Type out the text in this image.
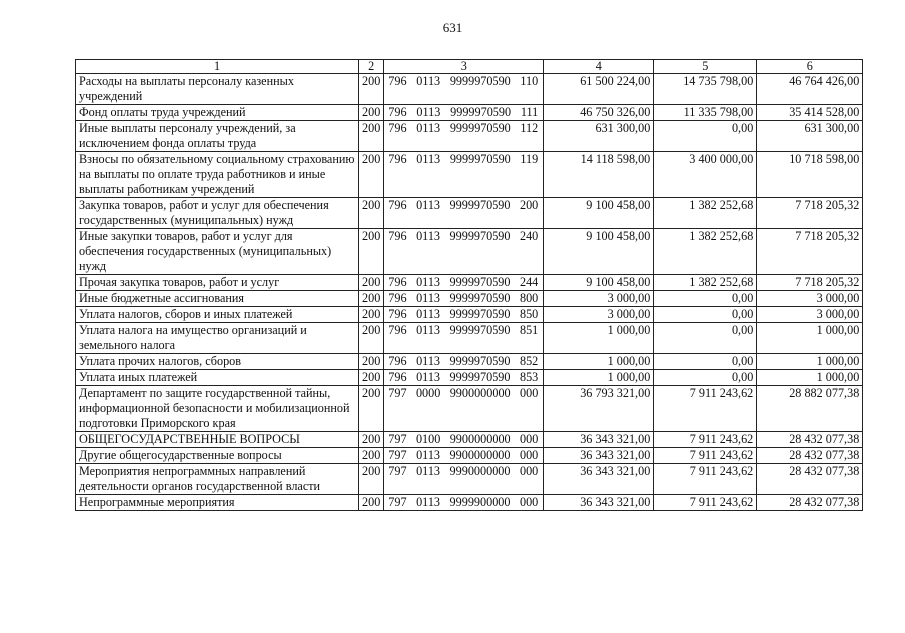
631
1	2	3	4	5	6
Расходы на выплаты персоналу казенных учреждений	200	796 0113 9999970590 110	61 500 224,00	14 735 798,00	46 764 426,00
Фонд оплаты труда учреждений	200	796 0113 9999970590 111	46 750 326,00	11 335 798,00	35 414 528,00
Иные выплаты персоналу учреждений, за исключением фонда оплаты труда	200	796 0113 9999970590 112	631 300,00	0,00	631 300,00
Взносы по обязательному социальному страхованию на выплаты по оплате труда работников и иные выплаты работникам учреждений	200	796 0113 9999970590 119	14 118 598,00	3 400 000,00	10 718 598,00
Закупка товаров, работ и услуг для обеспечения государственных (муниципальных) нужд	200	796 0113 9999970590 200	9 100 458,00	1 382 252,68	7 718 205,32
Иные закупки товаров, работ и услуг для обеспечения государственных (муниципальных) нужд	200	796 0113 9999970590 240	9 100 458,00	1 382 252,68	7 718 205,32
Прочая закупка товаров, работ и услуг	200	796 0113 9999970590 244	9 100 458,00	1 382 252,68	7 718 205,32
Иные бюджетные ассигнования	200	796 0113 9999970590 800	3 000,00	0,00	3 000,00
Уплата налогов, сборов и иных платежей	200	796 0113 9999970590 850	3 000,00	0,00	3 000,00
Уплата налога на имущество организаций и земельного налога	200	796 0113 9999970590 851	1 000,00	0,00	1 000,00
Уплата прочих налогов, сборов	200	796 0113 9999970590 852	1 000,00	0,00	1 000,00
Уплата иных платежей	200	796 0113 9999970590 853	1 000,00	0,00	1 000,00
Департамент по защите государственной тайны, информационной безопасности и мобилизационной подготовки Приморского края	200	797 0000 9900000000 000	36 793 321,00	7 911 243,62	28 882 077,38
ОБЩЕГОСУДАРСТВЕННЫЕ ВОПРОСЫ	200	797 0100 9900000000 000	36 343 321,00	7 911 243,62	28 432 077,38
Другие общегосударственные вопросы	200	797 0113 9900000000 000	36 343 321,00	7 911 243,62	28 432 077,38
Мероприятия непрограммных направлений деятельности органов государственной власти	200	797 0113 9990000000 000	36 343 321,00	7 911 243,62	28 432 077,38
Непрограммные мероприятия	200	797 0113 9999900000 000	36 343 321,00	7 911 243,62	28 432 077,38
